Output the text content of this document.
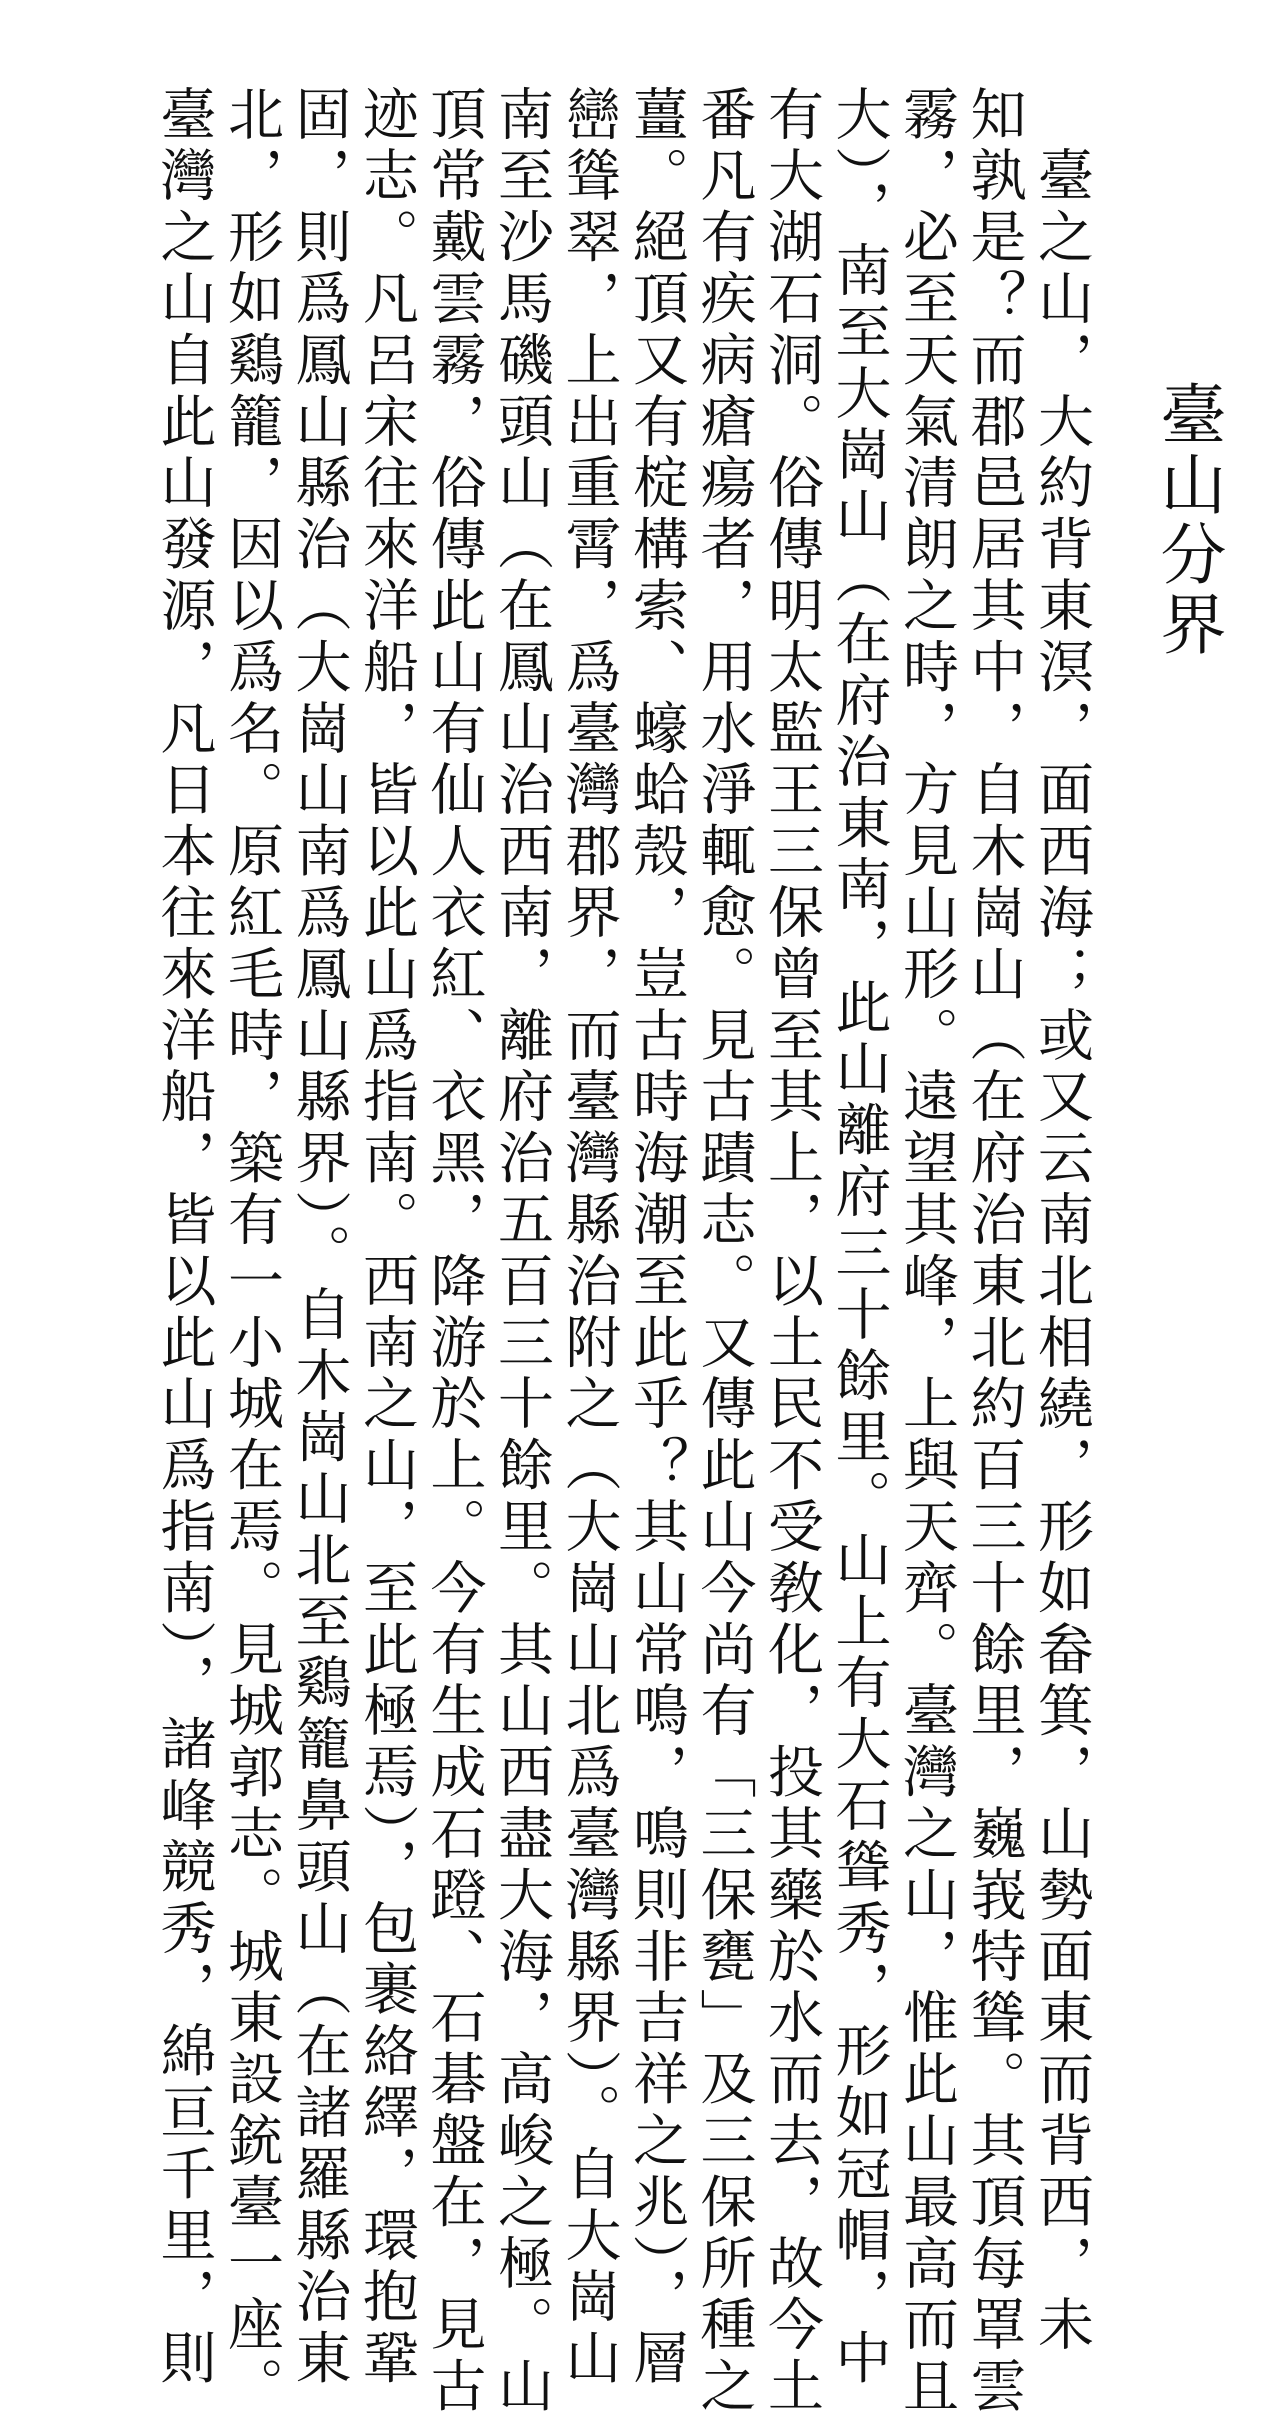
臺山分界
　臺之山，大約背東溟，面西海；或又云南北相繞，形如畚箕，山勢面東而背西，未
知孰是？而郡邑居其中，自木崗山（在府治東北約百三十餘里，巍峩特聳。其頂每罩雲
霧，必至天氣清朗之時，方見山形。遠望其峰，上與天齊。臺灣之山，惟此山最高而且
大），南至大崗山（在府治東南，此山離府三十餘里。山上有大石聳秀，形如冠帽，中
有大湖石洞。俗傳明太監王三保曾至其上，以土民不受敎化，投其藥於水而去，故今土
番凡有疾病瘡瘍者，用水淨輒愈。見古蹟志。又傳此山今尚有「三保甕」及三保所種之
薑。絕頂又有椗構索、蠔蛤殼，豈古時海潮至此乎？其山常鳴，鳴則非吉祥之兆），層
巒聳翠，上出重霄，爲臺灣郡界，而臺灣縣治附之（大崗山北爲臺灣縣界）。自大崗山
南至沙馬磯頭山（在鳳山治西南，離府治五百三十餘里。其山西盡大海，高峻之極。山
頂常戴雲霧，俗傳此山有仙人衣紅、衣黑，降游於上。今有生成石蹬、石碁盤在，見古
迹志。凡呂宋往來洋船，皆以此山爲指南。西南之山，至此極焉），包裹絡繹，環抱鞏
固，則爲鳳山縣治（大崗山南爲鳳山縣界）。自木崗山北至鷄籠鼻頭山（在諸羅縣治東
北，形如鷄籠，因以爲名。原紅毛時，築有一小城在焉。見城郭志。城東設銃臺一座。
臺灣之山自此山發源，凡日本往來洋船，皆以此山爲指南），諸峰競秀，綿亘千里，則
